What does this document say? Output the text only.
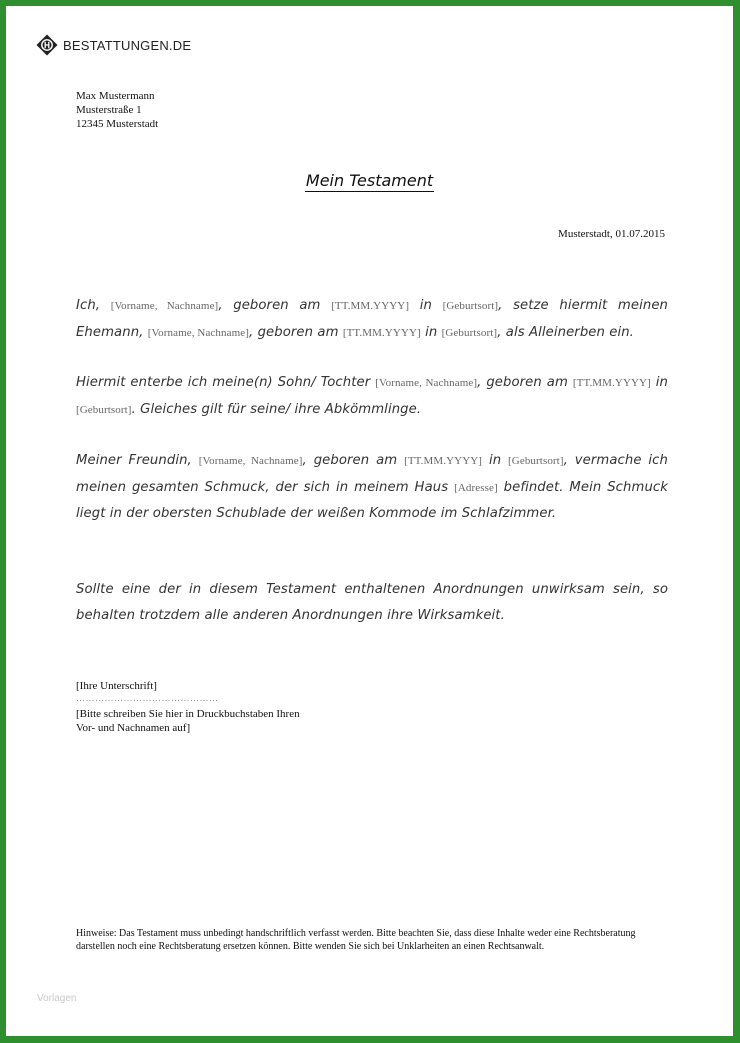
BESTATTUNGEN.DE
Max Mustermann
Musterstraße 1
12345 Musterstadt
Mein Testament
Musterstadt, 01.07.2015
Ich, [Vorname, Nachname], geboren am [TT.MM.YYYY] in [Geburtsort], setze hiermit meinen Ehemann, [Vorname, Nachname], geboren am [TT.MM.YYYY] in [Geburtsort], als Alleinerben ein.
Hiermit enterbe ich meine(n) Sohn/ Tochter [Vorname, Nachname], geboren am [TT.MM.YYYY] in [Geburtsort]. Gleiches gilt für seine/ ihre Abkömmlinge.
Meiner Freundin, [Vorname, Nachname], geboren am [TT.MM.YYYY] in [Geburtsort], vermache ich meinen gesamten Schmuck, der sich in meinem Haus [Adresse] befindet. Mein Schmuck liegt in der obersten Schublade der weißen Kommode im Schlafzimmer.
Sollte eine der in diesem Testament enthaltenen Anordnungen unwirksam sein, so behalten trotzdem alle anderen Anordnungen ihre Wirksamkeit.
[Ihre Unterschrift]
………………………………………
[Bitte schreiben Sie hier in Druckbuchstaben Ihren
Vor- und Nachnamen auf]
Hinweise: Das Testament muss unbedingt handschriftlich verfasst werden. Bitte beachten Sie, dass diese Inhalte weder eine Rechtsberatung darstellen noch eine Rechtsberatung ersetzen können. Bitte wenden Sie sich bei Unklarheiten an einen Rechtsanwalt.
Vorlagen
